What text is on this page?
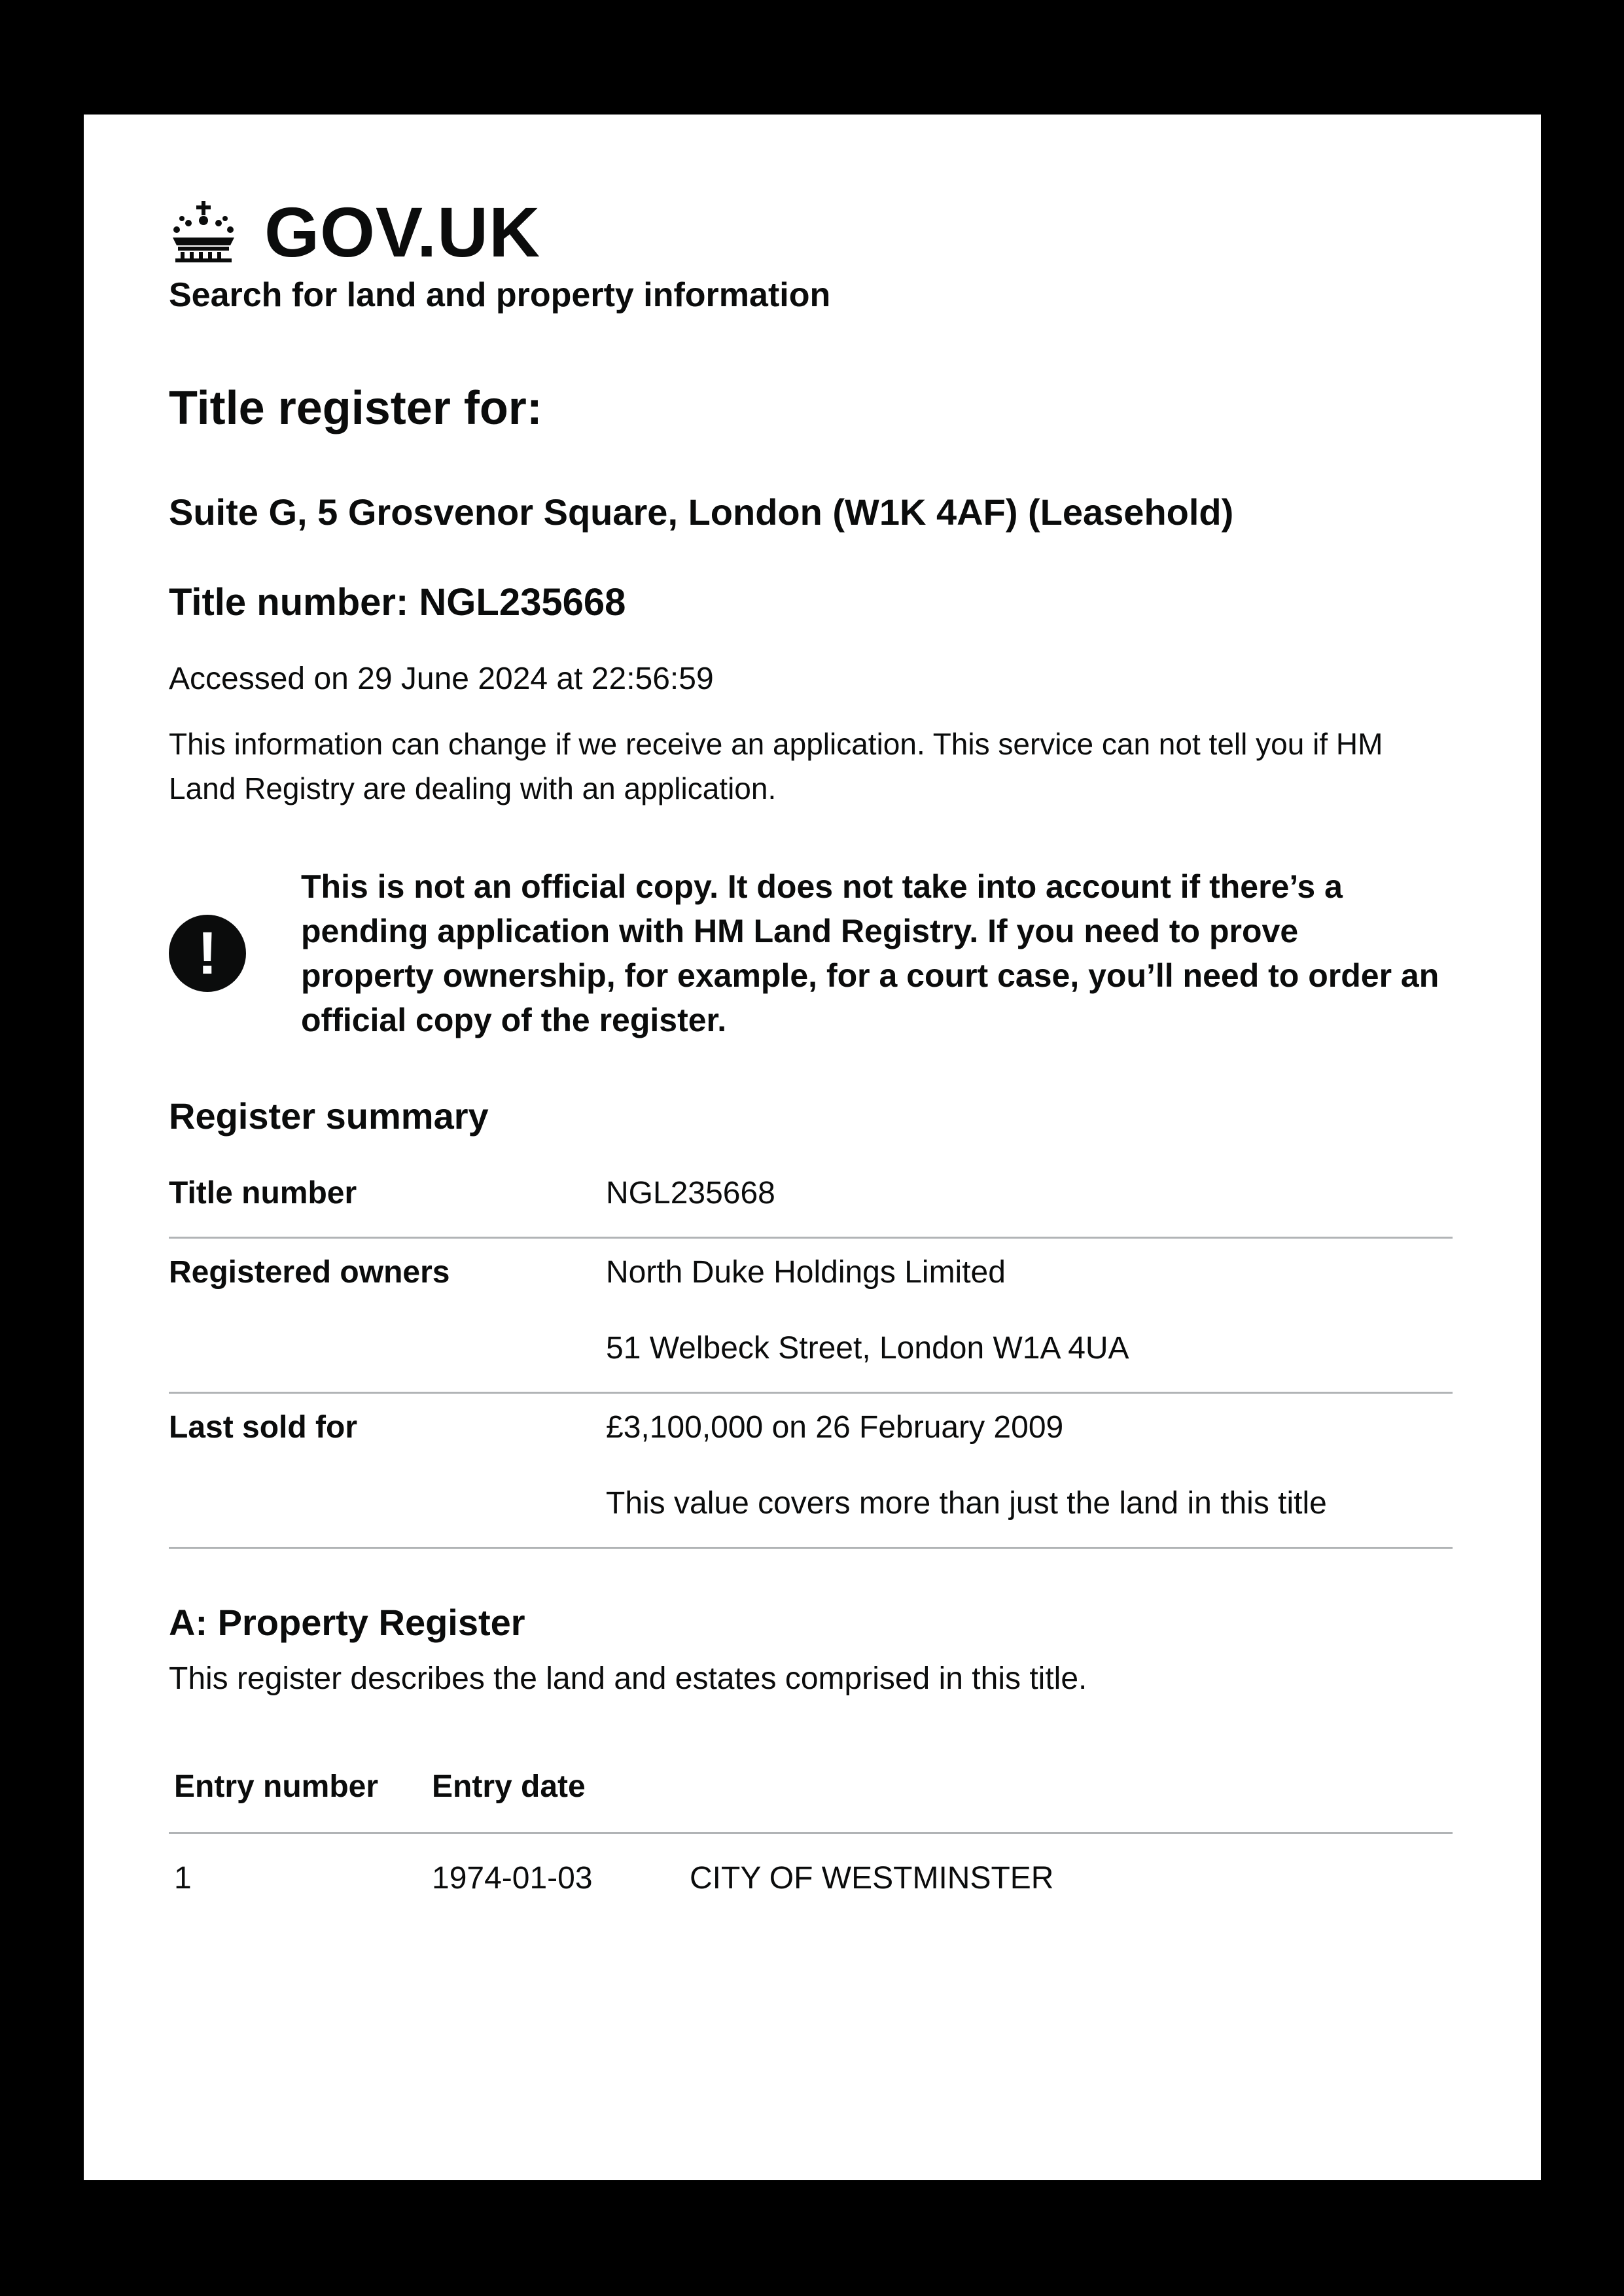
GOV.UK
Search for land and property information
Title register for:
Suite G, 5 Grosvenor Square, London (W1K 4AF) (Leasehold)
Title number: NGL235668
Accessed on 29 June 2024 at 22:56:59
This information can change if we receive an application. This service can not tell you if HM Land Registry are dealing with an application.
!
This is not an official copy. It does not take into account if there’s a pending application with HM Land Registry. If you need to prove property ownership, for example, for a court case, you’ll need to order an official copy of the register.
Register summary
Title number	NGL235668

Registered owners	North Duke Holdings Limited

51 Welbeck Street, London W1A 4UA

Last sold for	£3,100,000 on 26 February 2009

This value covers more than just the land in this title

A: Property Register
This register describes the land and estates comprised in this title.
Entry number	Entry date	
1	1974-01-03	CITY OF WESTMINSTER
